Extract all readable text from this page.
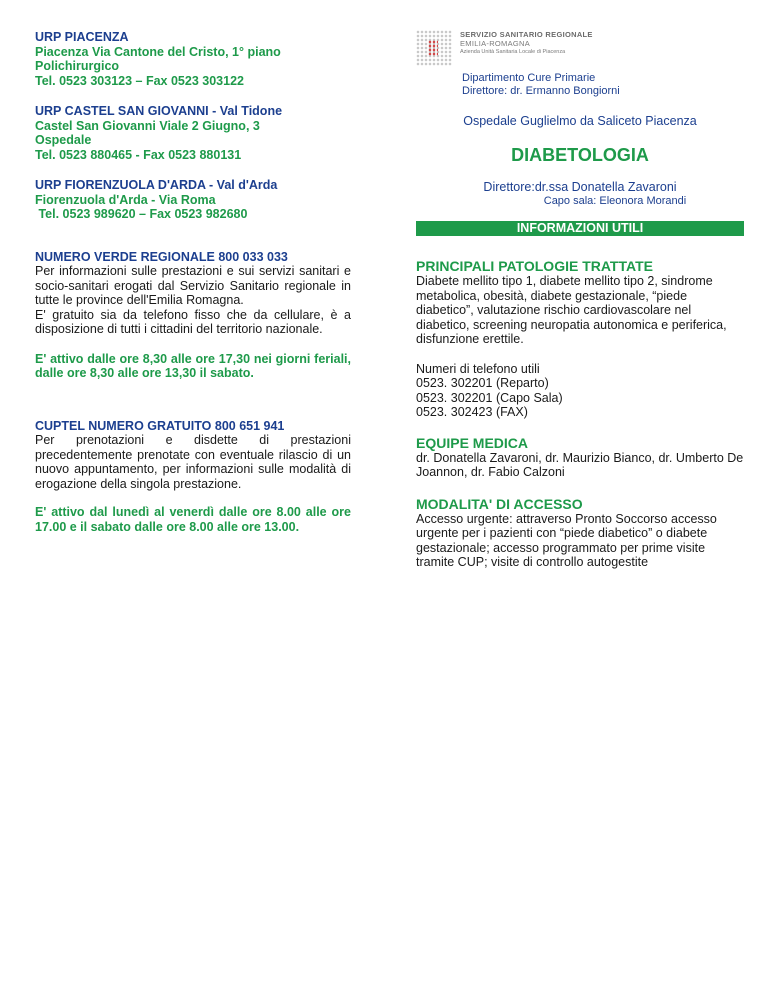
URP PIACENZA
Piacenza Via Cantone del Cristo, 1° piano
Polichirurgico
Tel. 0523 303123 – Fax 0523 303122
URP CASTEL SAN GIOVANNI - Val Tidone
Castel San Giovanni Viale 2 Giugno, 3
Ospedale
Tel. 0523 880465 - Fax 0523 880131
URP FIORENZUOLA D'ARDA - Val d'Arda
Fiorenzuola d'Arda - Via Roma
Tel. 0523 989620 – Fax 0523 982680
NUMERO VERDE REGIONALE 800 033 033
Per informazioni sulle prestazioni e sui servizi sanitari e socio-sanitari erogati dal Servizio Sanitario regionale in tutte le province dell'Emilia Romagna.
E' gratuito sia da telefono fisso che da cellulare, è a disposizione di tutti i cittadini del territorio nazionale.
E' attivo dalle ore 8,30 alle ore 17,30 nei giorni feriali, dalle ore 8,30 alle ore 13,30 il sabato.
CUPTEL NUMERO GRATUITO 800 651 941
Per prenotazioni e disdette di prestazioni precedentemente prenotate con eventuale rilascio di un nuovo appuntamento, per informazioni sulle modalità di erogazione della singola prestazione.
E' attivo dal lunedì al venerdì dalle ore 8.00 alle ore 17.00 e il sabato dalle ore 8.00 alle ore 13.00.
SERVIZIO SANITARIO REGIONALE
EMILIA-ROMAGNA
Azienda Unità Sanitaria Locale di Piacenza
Dipartimento Cure Primarie
Direttore: dr. Ermanno Bongiorni
Ospedale Guglielmo da Saliceto Piacenza
DIABETOLOGIA
Direttore:dr.ssa Donatella Zavaroni
Capo sala: Eleonora Morandi
INFORMAZIONI UTILI
PRINCIPALI PATOLOGIE TRATTATE
Diabete mellito tipo 1, diabete mellito tipo 2, sindrome metabolica, obesità, diabete gestazionale, “piede diabetico”, valutazione rischio cardiovascolare nel diabetico, screening neuropatia autonomica e periferica, disfunzione erettile.
Numeri di telefono utili
0523. 302201 (Reparto)
0523. 302201 (Capo Sala)
0523. 302423 (FAX)
EQUIPE MEDICA
dr. Donatella Zavaroni, dr. Maurizio Bianco, dr. Umberto De Joannon, dr. Fabio Calzoni
MODALITA' DI ACCESSO
Accesso urgente: attraverso Pronto Soccorso accesso urgente per i pazienti con “piede diabetico” o diabete gestazionale; accesso programmato per prime visite tramite CUP; visite di controllo autogestite
